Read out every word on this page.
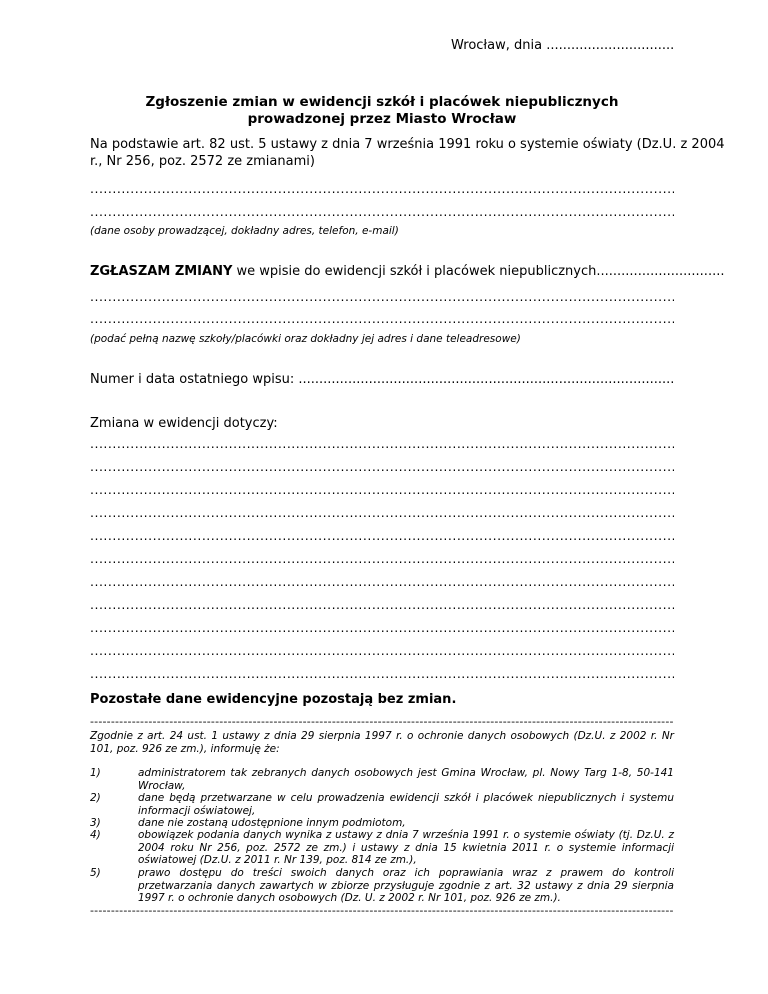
Wrocław, dnia ...............................
Zgłoszenie zmian w ewidencji szkół i placówek niepublicznych
prowadzonej przez Miasto Wrocław
Na podstawie art. 82 ust. 5 ustawy z dnia 7 września 1991 roku o systemie oświaty (Dz.U. z 2004
r., Nr 256, poz. 2572 ze zmianami)
.....
.....
(dane osoby prowadzącej, dokładny adres, telefon, e-mail)
ZGŁASZAM ZMIANY we wpisie do ewidencji szkół i placówek niepublicznych...............................
.....
.....
(podać pełną nazwę szkoły/placówki oraz dokładny jej adres i dane teleadresowe)
Numer i data ostatniego wpisu: ...........................................................................................
Zmiana w ewidencji dotyczy:
.....
.....
.....
.....
.....
.....
.....
.....
.....
.....
.....
Pozostałe dane ewidencyjne pozostają bez zmian.
-----
Zgodnie z art. 24 ust. 1 ustawy z dnia 29 sierpnia 1997 r. o ochronie danych osobowych (Dz.U. z 2002 r. Nr 101, poz. 926 ze zm.), informuję że:
1)	administratorem tak zebranych danych osobowych jest Gmina Wrocław, pl. Nowy Targ 1-8, 50-141 Wrocław,
2)	dane będą przetwarzane w celu prowadzenia ewidencji szkół i placówek niepublicznych i systemu informacji oświatowej,
3)	dane nie zostaną udostępnione innym podmiotom,
4)	obowiązek podania danych wynika z ustawy z dnia 7 września 1991 r. o systemie oświaty (tj. Dz.U. z 2004 roku Nr 256, poz. 2572 ze zm.) i ustawy z dnia 15 kwietnia 2011 r. o systemie informacji oświatowej (Dz.U. z 2011 r. Nr 139, poz. 814 ze zm.),
5)	prawo dostępu do treści swoich danych oraz ich poprawiania wraz z prawem do kontroli przetwarzania danych zawartych w zbiorze przysługuje zgodnie z art. 32 ustawy z dnia 29 sierpnia 1997 r. o ochronie danych osobowych (Dz. U. z 2002 r. Nr 101, poz. 926 ze zm.).
-----
